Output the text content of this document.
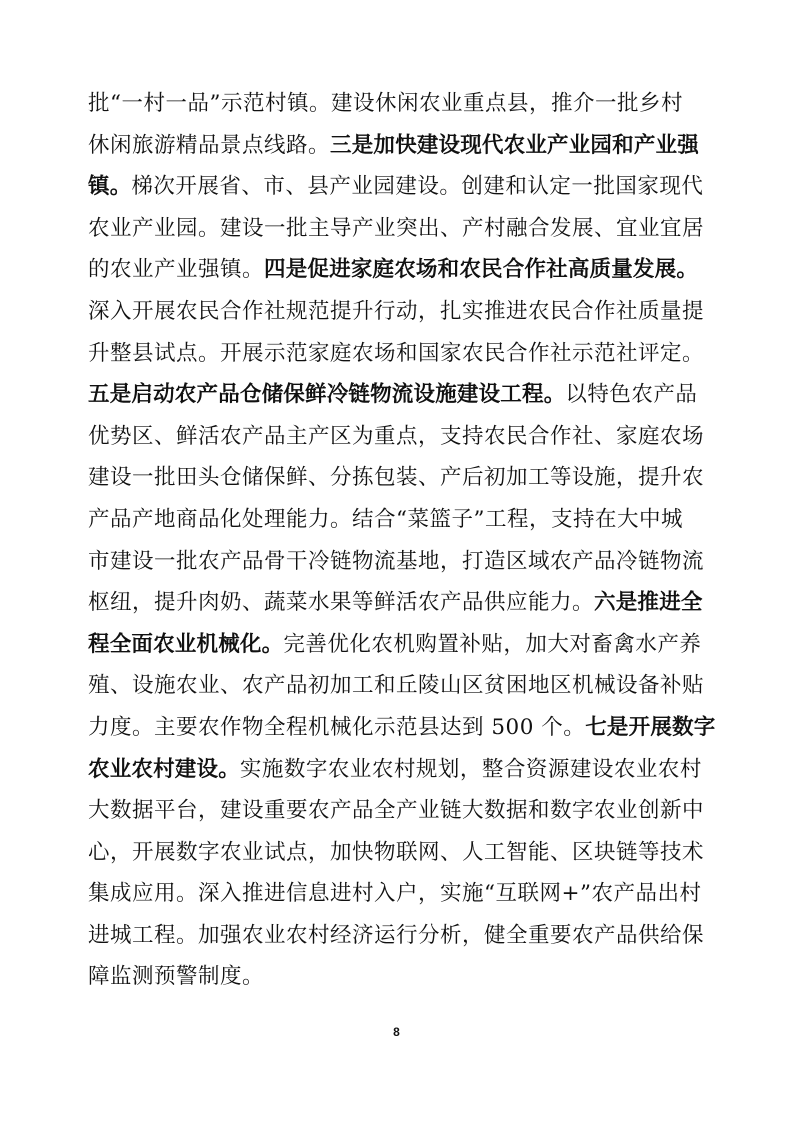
批“一村一品”示范村镇。建设休闲农业重点县，推介一批乡村
休闲旅游精品景点线路。三是加快建设现代农业产业园和产业强
镇。梯次开展省、市、县产业园建设。创建和认定一批国家现代
农业产业园。建设一批主导产业突出、产村融合发展、宜业宜居
的农业产业强镇。四是促进家庭农场和农民合作社高质量发展。
深入开展农民合作社规范提升行动，扎实推进农民合作社质量提
升整县试点。开展示范家庭农场和国家农民合作社示范社评定。
五是启动农产品仓储保鲜冷链物流设施建设工程。以特色农产品
优势区、鲜活农产品主产区为重点，支持农民合作社、家庭农场
建设一批田头仓储保鲜、分拣包装、产后初加工等设施，提升农
产品产地商品化处理能力。结合“菜篮子”工程，支持在大中城
市建设一批农产品骨干冷链物流基地，打造区域农产品冷链物流
枢纽，提升肉奶、蔬菜水果等鲜活农产品供应能力。六是推进全
程全面农业机械化。完善优化农机购置补贴，加大对畜禽水产养
殖、设施农业、农产品初加工和丘陵山区贫困地区机械设备补贴
力度。主要农作物全程机械化示范县达到 500 个。七是开展数字
农业农村建设。实施数字农业农村规划，整合资源建设农业农村
大数据平台，建设重要农产品全产业链大数据和数字农业创新中
心，开展数字农业试点，加快物联网、人工智能、区块链等技术
集成应用。深入推进信息进村入户，实施“互联网+”农产品出村
进城工程。加强农业农村经济运行分析，健全重要农产品供给保
障监测预警制度。
8
